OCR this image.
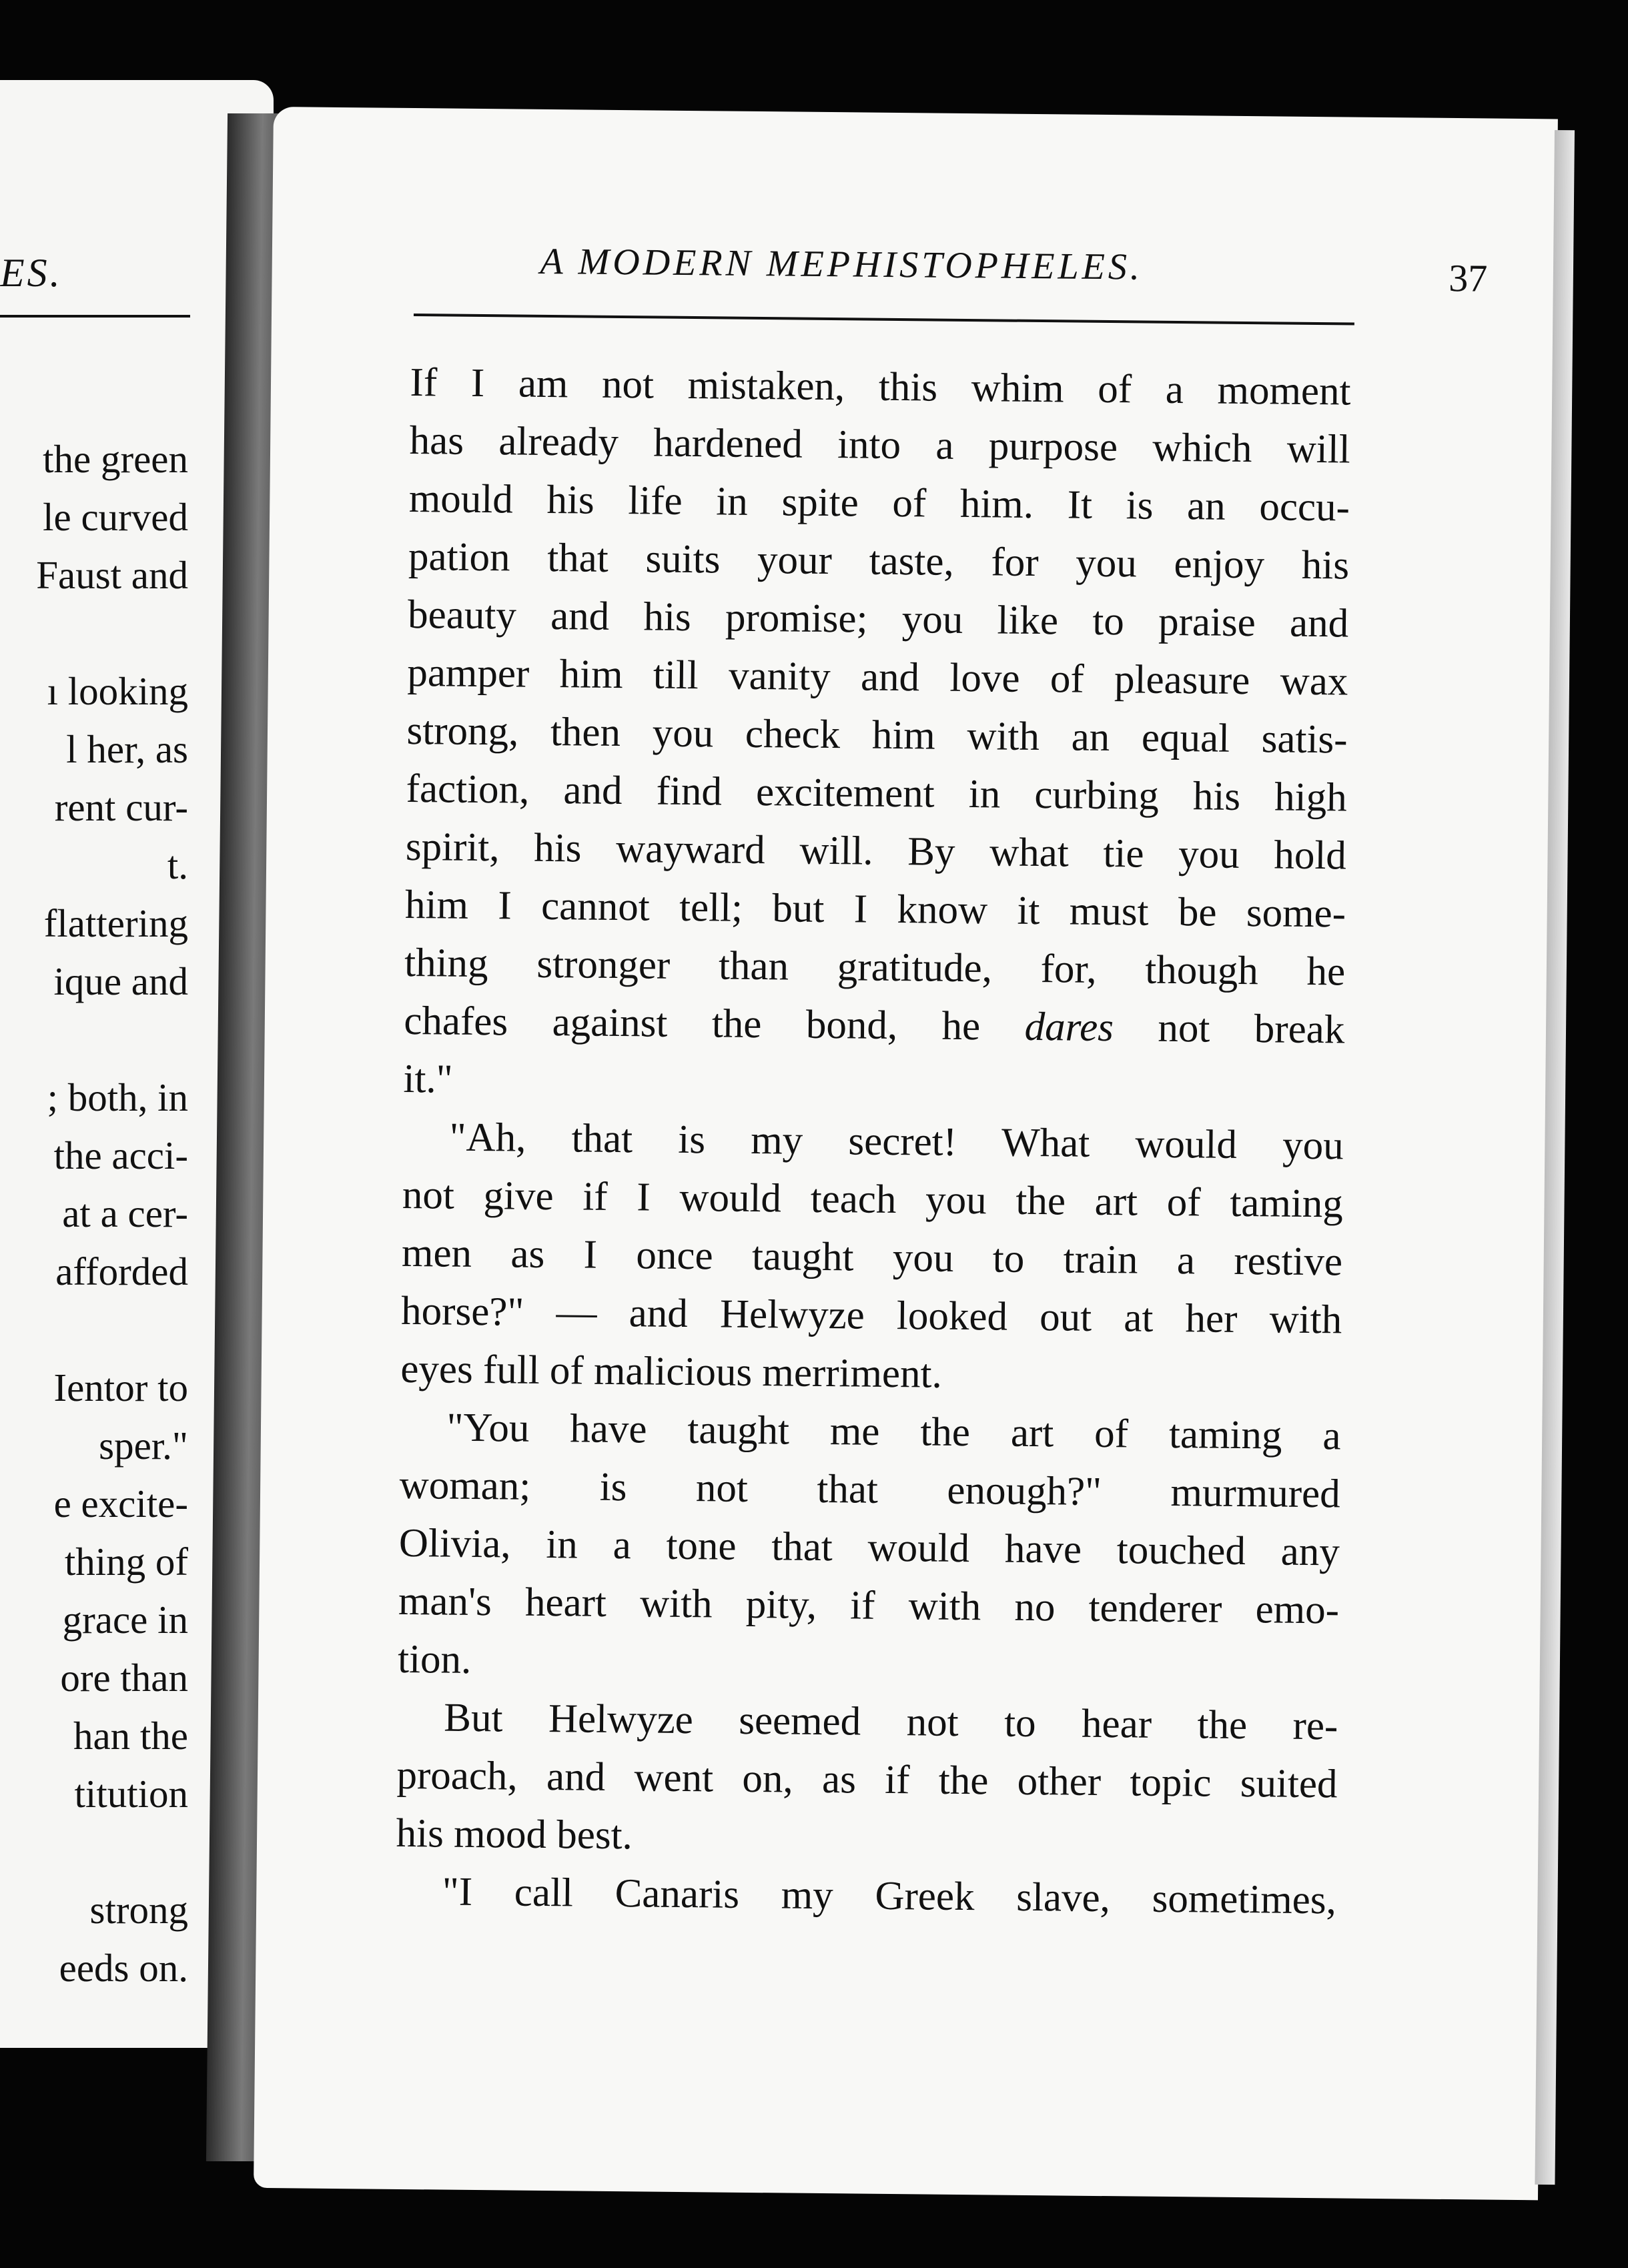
ES.
the green
le curved
Faust and
ı looking
l her, as
rent cur-
t.
flattering
ique and
; both, in
the acci-
at a cer-
afforded
Ientor to
sper."
e excite-
thing of
grace in
ore than
han the
titution
strong
eeds on.
A MODERN MEPHISTOPHELES.	37
If I am not mistaken, this whim of a moment
has already hardened into a purpose which will
mould his life in spite of him. It is an occu-
pation that suits your taste, for you enjoy his
beauty and his promise; you like to praise and
pamper him till vanity and love of pleasure wax
strong, then you check him with an equal satis-
faction, and find excitement in curbing his high
spirit, his wayward will. By what tie you hold
him I cannot tell; but I know it must be some-
thing stronger than gratitude, for, though he
chafes against the bond, he dares not break
it."
"Ah, that is my secret! What would you
not give if I would teach you the art of taming
men as I once taught you to train a restive
horse?" — and Helwyze looked out at her with
eyes full of malicious merriment.
"You have taught me the art of taming a
woman; is not that enough?" murmured
Olivia, in a tone that would have touched any
man's heart with pity, if with no tenderer emo-
tion.
But Helwyze seemed not to hear the re-
proach, and went on, as if the other topic suited
his mood best.
"I call Canaris my Greek slave, sometimes,
